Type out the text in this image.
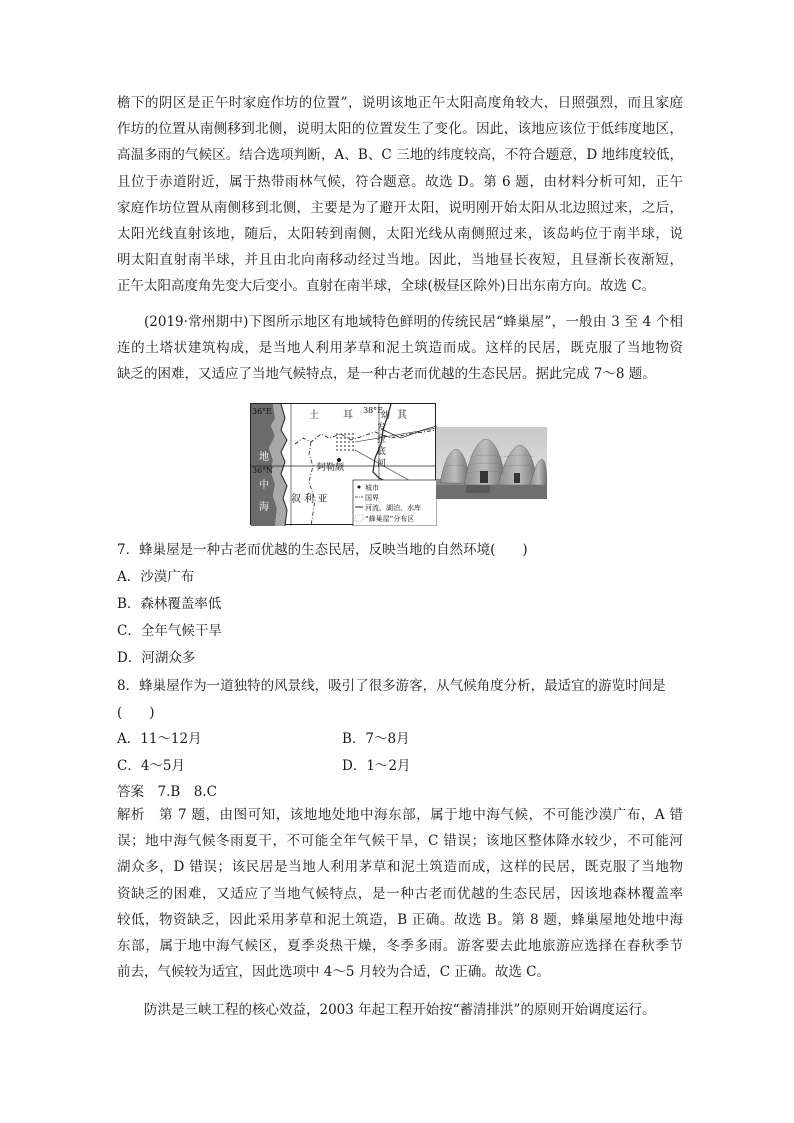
檐下的阴区是正午时家庭作坊的位置”，说明该地正午太阳高度角较大，日照强烈，而且家庭
作坊的位置从南侧移到北侧，说明太阳的位置发生了变化。因此，该地应该位于低纬度地区，
高温多雨的气候区。结合选项判断，A、B、C 三地的纬度较高，不符合题意，D 地纬度较低，
且位于赤道附近，属于热带雨林气候，符合题意。故选 D。第 6 题，由材料分析可知，正午
家庭作坊位置从南侧移到北侧，主要是为了避开太阳，说明刚开始太阳从北边照过来，之后，
太阳光线直射该地，随后，太阳转到南侧，太阳光线从南侧照过来，该岛屿位于南半球，说
明太阳直射南半球，并且由北向南移动经过当地。因此，当地昼长夜短，且昼渐长夜渐短，
正午太阳高度角先变大后变小。直射在南半球，全球(极昼区除外)日出东南方向。故选 C。
(2019·常州期中)下图所示地区有地域特色鲜明的传统民居“蜂巢屋”，一般由 3 至 4 个相
连的土塔状建筑构成，是当地人利用茅草和泥土筑造而成。这样的民居，既克服了当地物资
缺乏的困难，又适应了当地气候特点，是一种古老而优越的生态民居。据此完成 7～8 题。
36°E	38°E
36°N
土 耳	其
地
中
海
幼
发
拉
底
河
阿勒颇
叙 利 亚
城市
国界
河流、湖泊、水库
“蜂巢屋”分布区
7．蜂巢屋是一种古老而优越的生态民居，反映当地的自然环境(　　)
A．沙漠广布
B．森林覆盖率低
C．全年气候干旱
D．河湖众多
8．蜂巢屋作为一道独特的风景线，吸引了很多游客，从气候角度分析，最适宜的游览时间是
(　　)
A．11～12月	B．7～8月
C．4～5月	D．1～2月
答案　7.B　8.C
解析　第 7 题，由图可知，该地地处地中海东部，属于地中海气候，不可能沙漠广布，A 错
误；地中海气候冬雨夏干，不可能全年气候干旱，C 错误；该地区整体降水较少，不可能河
湖众多，D 错误；该民居是当地人利用茅草和泥土筑造而成，这样的民居，既克服了当地物
资缺乏的困难，又适应了当地气候特点，是一种古老而优越的生态民居，因该地森林覆盖率
较低，物资缺乏，因此采用茅草和泥土筑造，B 正确。故选 B。第 8 题，蜂巢屋地处地中海
东部，属于地中海气候区，夏季炎热干燥，冬季多雨。游客要去此地旅游应选择在春秋季节
前去，气候较为适宜，因此选项中 4～5 月较为合适，C 正确。故选 C。
防洪是三峡工程的核心效益，2003 年起工程开始按“蓄清排洪”的原则开始调度运行。
